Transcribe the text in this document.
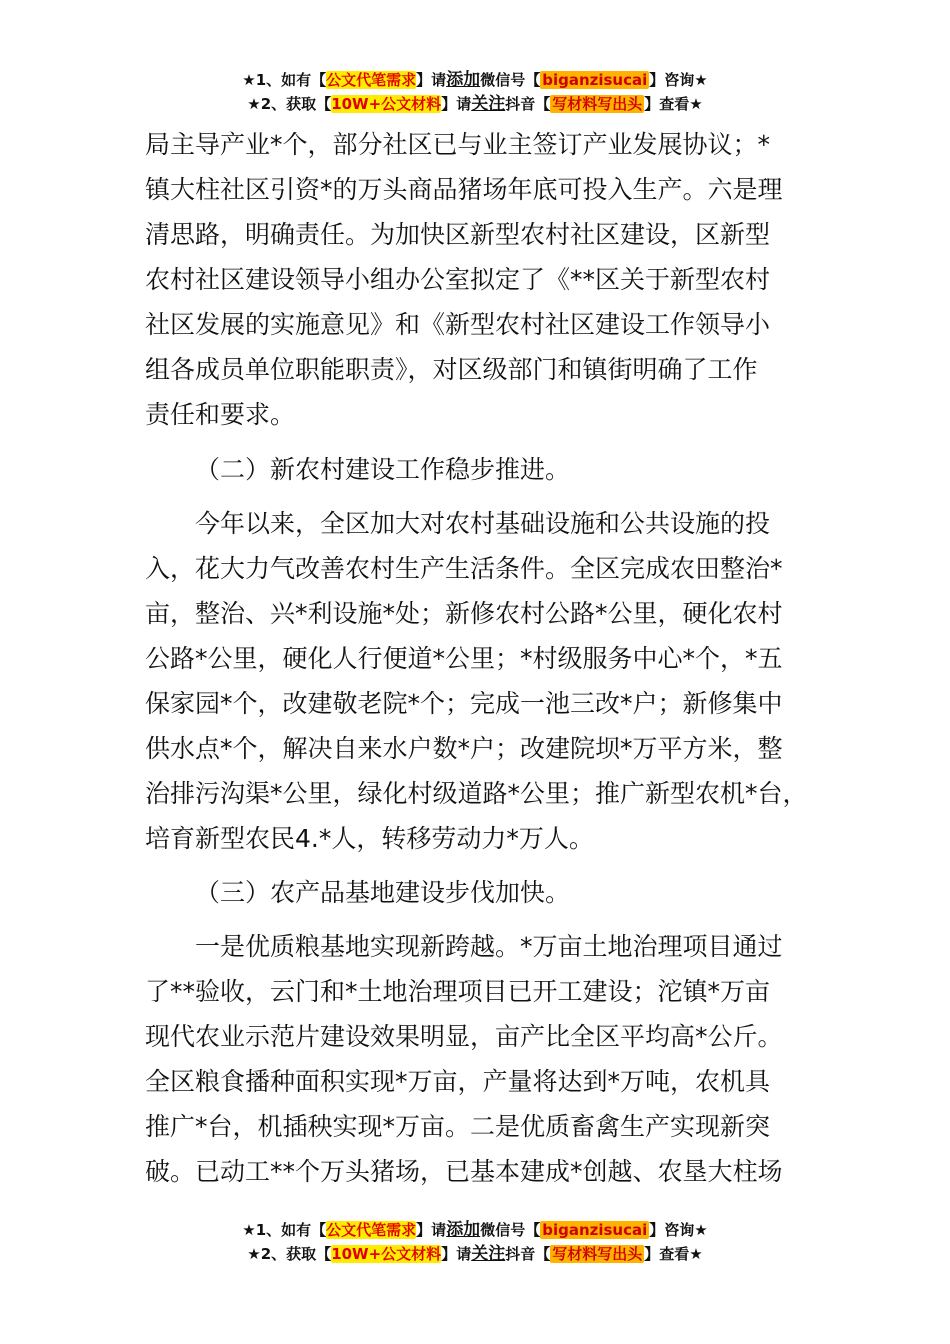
★1、如有【公文代笔需求】请添加微信号【 biganzisucai 】咨询★
★2、获取【10W+公文材料】请关注抖音【 写材料写出头 】查看★
局主导产业*个，部分社区已与业主签订产业发展协议；*
镇大柱社区引资*的万头商品猪场年底可投入生产。六是理
清思路，明确责任。为加快区新型农村社区建设，区新型
农村社区建设领导小组办公室拟定了《**区关于新型农村
社区发展的实施意见》和《新型农村社区建设工作领导小
组各成员单位职能职责》，对区级部门和镇街明确了工作
责任和要求。
（二）新农村建设工作稳步推进。
今年以来，全区加大对农村基础设施和公共设施的投
入，花大力气改善农村生产生活条件。全区完成农田整治*
亩，整治、兴*利设施*处；新修农村公路*公里，硬化农村
公路*公里，硬化人行便道*公里；*村级服务中心*个，*五
保家园*个，改建敬老院*个；完成一池三改*户；新修集中
供水点*个，解决自来水户数*户；改建院坝*万平方米，整
治排污沟渠*公里，绿化村级道路*公里；推广新型农机*台，
培育新型农民4.*人，转移劳动力*万人。
（三）农产品基地建设步伐加快。
一是优质粮基地实现新跨越。*万亩土地治理项目通过
了**验收，云门和*土地治理项目已开工建设；沱镇*万亩
现代农业示范片建设效果明显，亩产比全区平均高*公斤。
全区粮食播种面积实现*万亩，产量将达到*万吨，农机具
推广*台，机插秧实现*万亩。二是优质畜禽生产实现新突
破。已动工**个万头猪场，已基本建成*创越、农垦大柱场
★1、如有【公文代笔需求】请添加微信号【 biganzisucai 】咨询★
★2、获取【10W+公文材料】请关注抖音【 写材料写出头 】查看★
